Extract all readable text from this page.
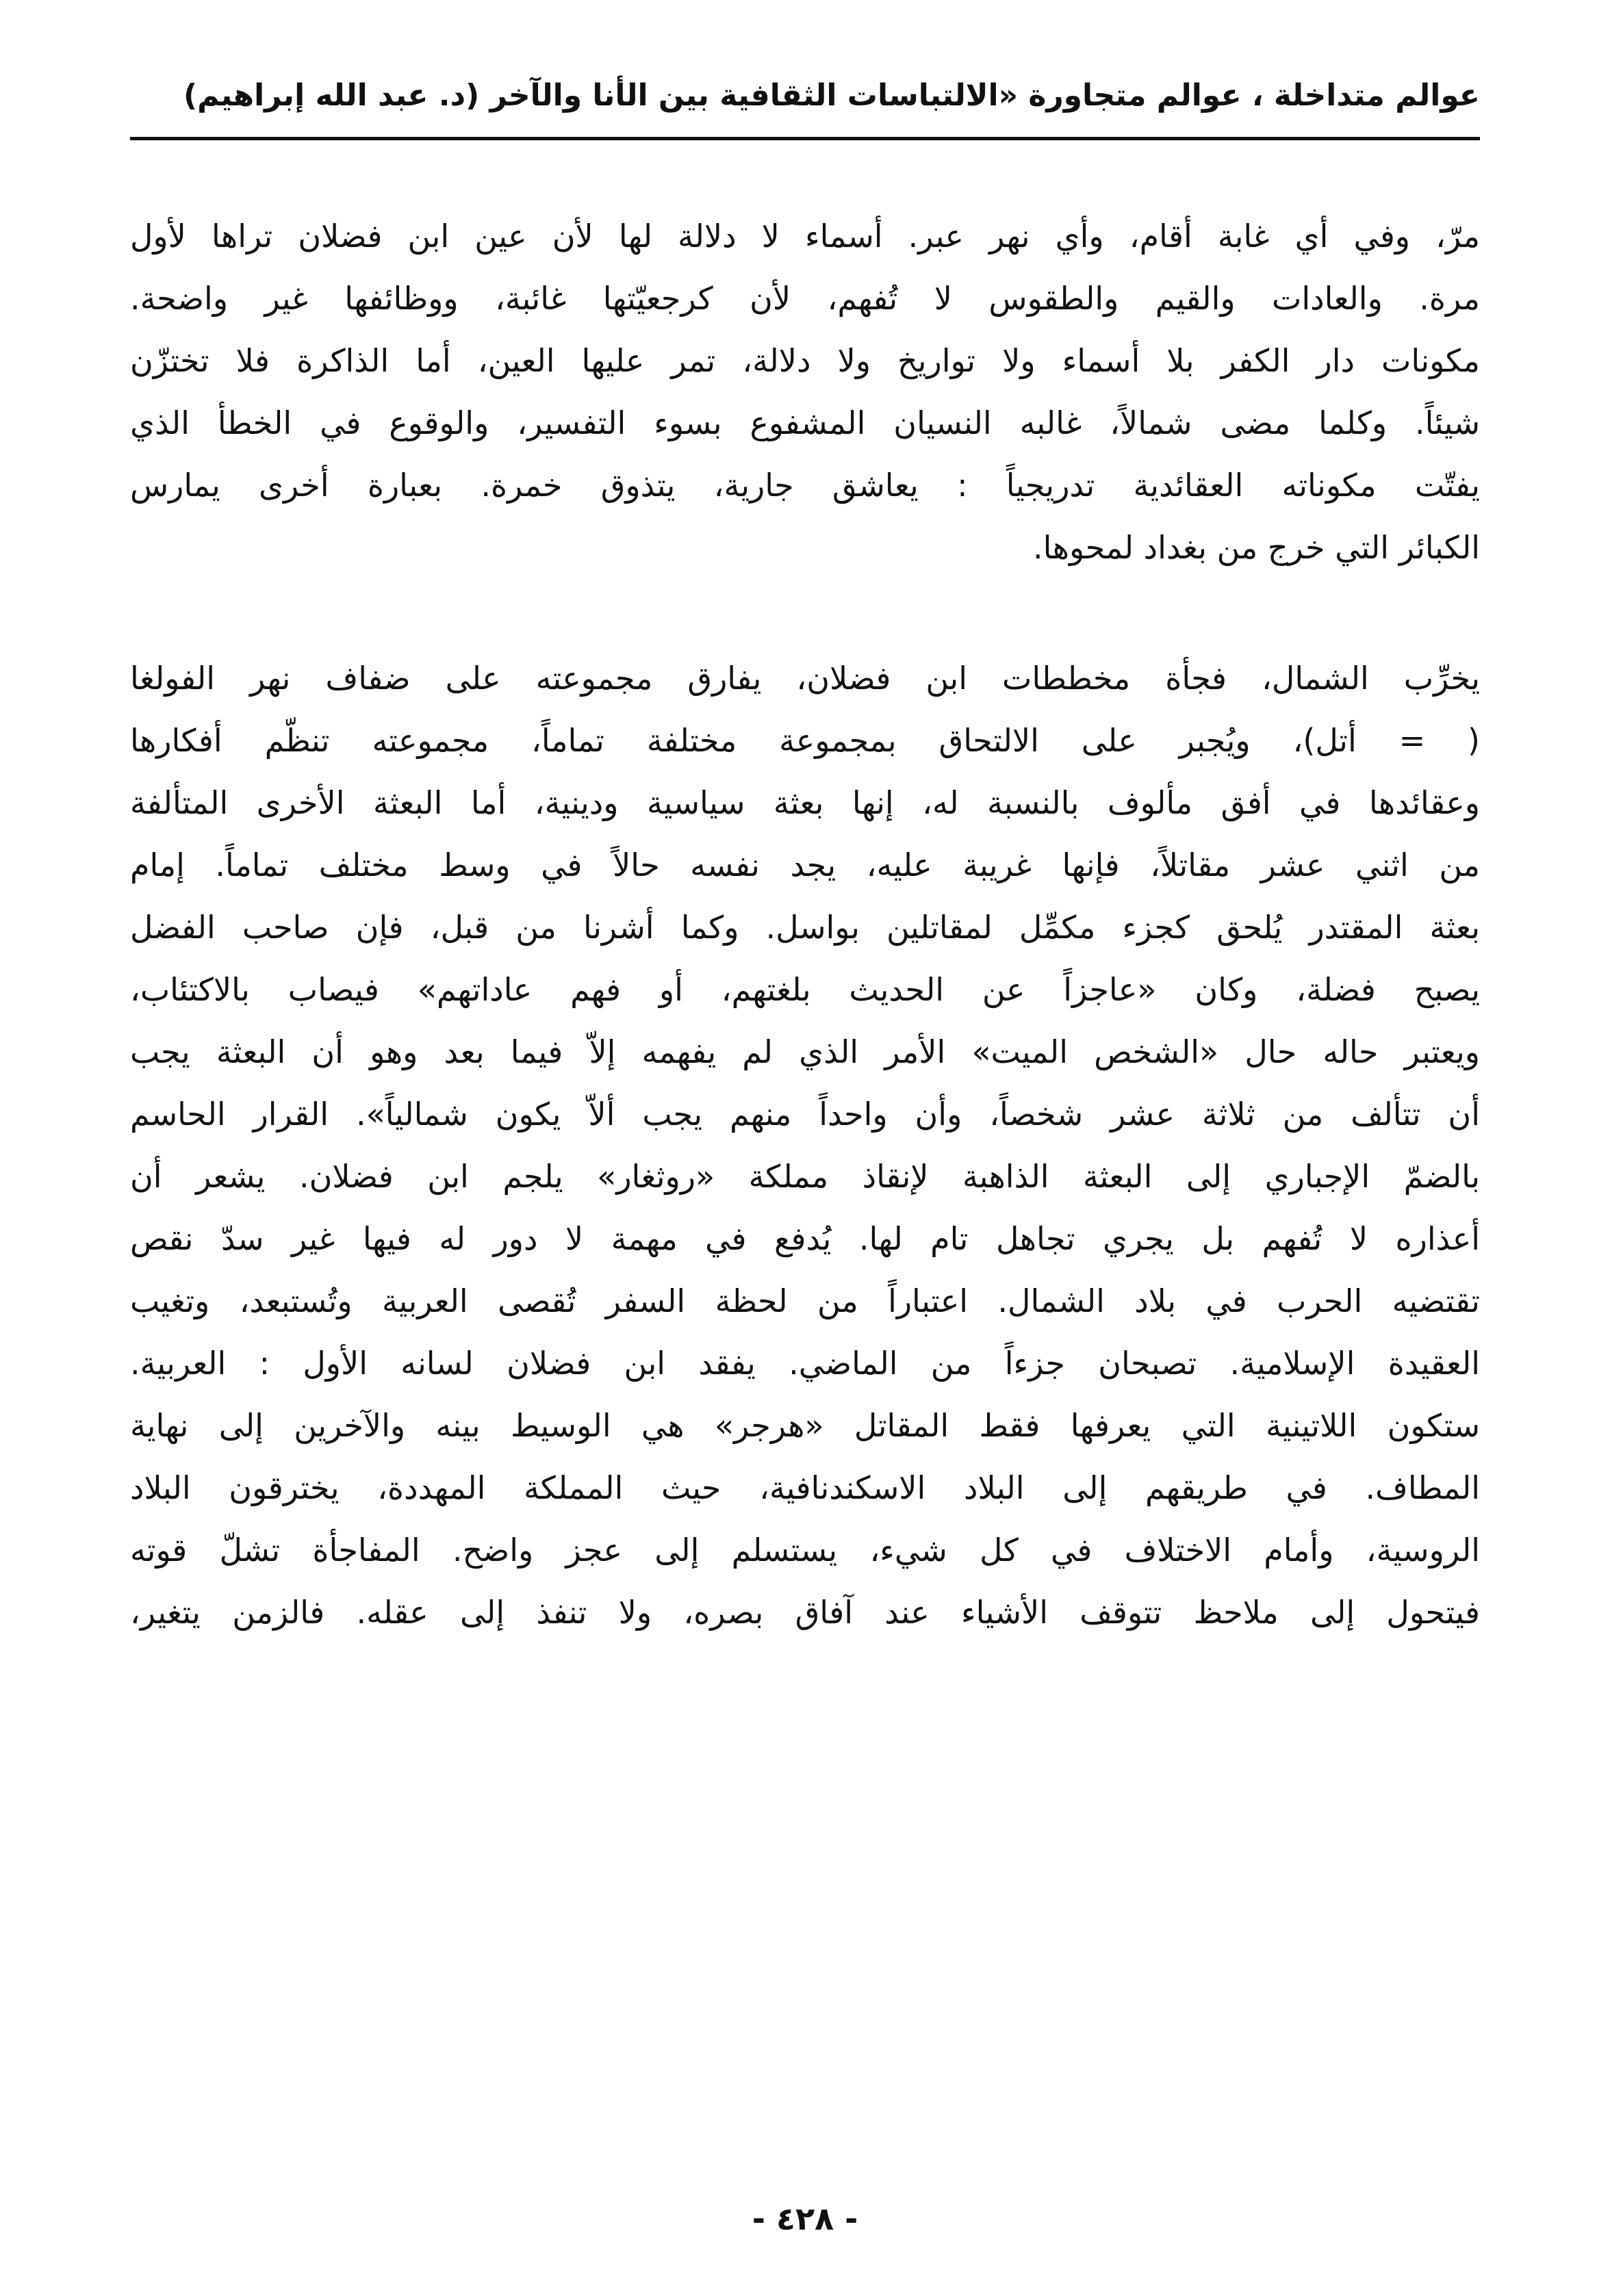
عوالم متداخلة ، عوالم متجاورة «الالتباسات الثقافية بين الأنا والآخر (د. عبد الله إبراهيم)
مرّ، وفي أي غابة أقام، وأي نهر عبر. أسماء لا دلالة لها لأن عين ابن فضلان تراها لأول
مرة. والعادات والقيم والطقوس لا تُفهم، لأن كرجعيّتها غائبة، ووظائفها غير واضحة.
مكونات دار الكفر بلا أسماء ولا تواريخ ولا دلالة، تمر عليها العين، أما الذاكرة فلا تختزّن
شيئاً. وكلما مضى شمالاً، غالبه النسيان المشفوع بسوء التفسير، والوقوع في الخطأ الذي
يفتّت مكوناته العقائدية تدريجياً : يعاشق جارية، يتذوق خمرة. بعبارة أخرى يمارس
الكبائر التي خرج من بغداد لمحوها.
يخرِّب الشمال، فجأة مخططات ابن فضلان، يفارق مجموعته على ضفاف نهر الفولغا
( = أتل)، ويُجبر على الالتحاق بمجموعة مختلفة تماماً، مجموعته تنظّم أفكارها
وعقائدها في أفق مألوف بالنسبة له، إنها بعثة سياسية ودينية، أما البعثة الأخرى المتألفة
من اثني عشر مقاتلاً، فإنها غريبة عليه، يجد نفسه حالاً في وسط مختلف تماماً. إمام
بعثة المقتدر يُلحق كجزء مكمِّل لمقاتلين بواسل. وكما أشرنا من قبل، فإن صاحب الفضل
يصبح فضلة، وكان «عاجزاً عن الحديث بلغتهم، أو فهم عاداتهم» فيصاب بالاكتئاب،
ويعتبر حاله حال «الشخص الميت» الأمر الذي لم يفهمه إلاّ فيما بعد وهو أن البعثة يجب
أن تتألف من ثلاثة عشر شخصاً، وأن واحداً منهم يجب ألاّ يكون شمالياً». القرار الحاسم
بالضمّ الإجباري إلى البعثة الذاهبة لإنقاذ مملكة «روثغار» يلجم ابن فضلان. يشعر أن
أعذاره لا تُفهم بل يجري تجاهل تام لها. يُدفع في مهمة لا دور له فيها غير سدّ نقص
تقتضيه الحرب في بلاد الشمال. اعتباراً من لحظة السفر تُقصى العربية وتُستبعد، وتغيب
العقيدة الإسلامية. تصبحان جزءاً من الماضي. يفقد ابن فضلان لسانه الأول : العربية.
ستكون اللاتينية التي يعرفها فقط المقاتل «هرجر» هي الوسيط بينه والآخرين إلى نهاية
المطاف. في طريقهم إلى البلاد الاسكندنافية، حيث المملكة المهددة، يخترقون البلاد
الروسية، وأمام الاختلاف في كل شيء، يستسلم إلى عجز واضح. المفاجأة تشلّ قوته
فيتحول إلى ملاحظ تتوقف الأشياء عند آفاق بصره، ولا تنفذ إلى عقله. فالزمن يتغير،
- ٤٢٨ -
